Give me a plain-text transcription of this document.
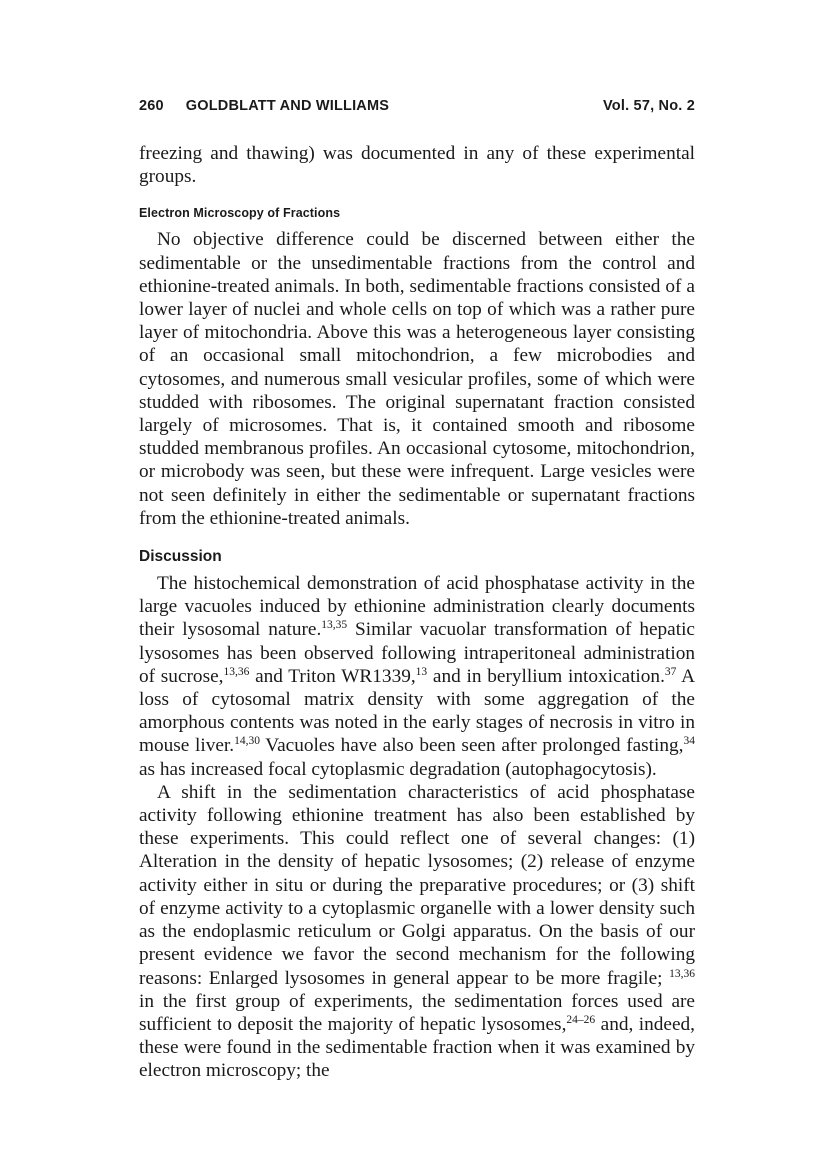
260 GOLDBLATT AND WILLIAMS	Vol. 57, No. 2

freezing and thawing) was documented in any of these experimental groups.

Electron Microscopy of Fractions

No objective difference could be discerned between either the sedimentable or the unsedimentable fractions from the control and ethionine-treated animals. In both, sedimentable fractions consisted of a lower layer of nuclei and whole cells on top of which was a rather pure layer of mitochondria. Above this was a heterogeneous layer consisting of an occasional small mitochondrion, a few microbodies and cytosomes, and numerous small vesicular profiles, some of which were studded with ribosomes. The original supernatant fraction consisted largely of microsomes. That is, it contained smooth and ribosome studded membranous profiles. An occasional cytosome, mitochondrion, or microbody was seen, but these were infrequent. Large vesicles were not seen definitely in either the sedimentable or supernatant fractions from the ethionine-treated animals.

Discussion

The histochemical demonstration of acid phosphatase activity in the large vacuoles induced by ethionine administration clearly documents their lysosomal nature.$^{13,35}$ Similar vacuolar transformation of hepatic lysosomes has been observed following intraperitoneal administration of sucrose,$^{13,36}$ and Triton WR1339,13 and in beryllium intoxication.$^{37}$ A loss of cytosomal matrix density with some aggregation of the amorphous contents was noted in the early stages of necrosis in vitro in mouse liver.$^{14,30}$ Vacuoles have also been seen after prolonged fasting,$^{34}$ as has increased focal cytoplasmic degradation (autophagocytosis).

A shift in the sedimentation characteristics of acid phosphatase activity following ethionine treatment has also been established by these experiments. This could reflect one of several changes: (1) Alteration in the density of hepatic lysosomes; (2) release of enzyme activity either in situ or during the preparative procedures; or (3) shift of enzyme activity to a cytoplasmic organelle with a lower density such as the endoplasmic reticulum or Golgi apparatus. On the basis of our present evidence we favor the second mechanism for the following reasons: Enlarged lysosomes in general appear to be more fragile; $^{13,36}$ in the first group of experiments, the sedimentation forces used are sufficient to deposit the majority of hepatic lysosomes,$^{24-26}$ and, indeed, these were found in the sedimentable fraction when it was examined by electron microscopy; the
